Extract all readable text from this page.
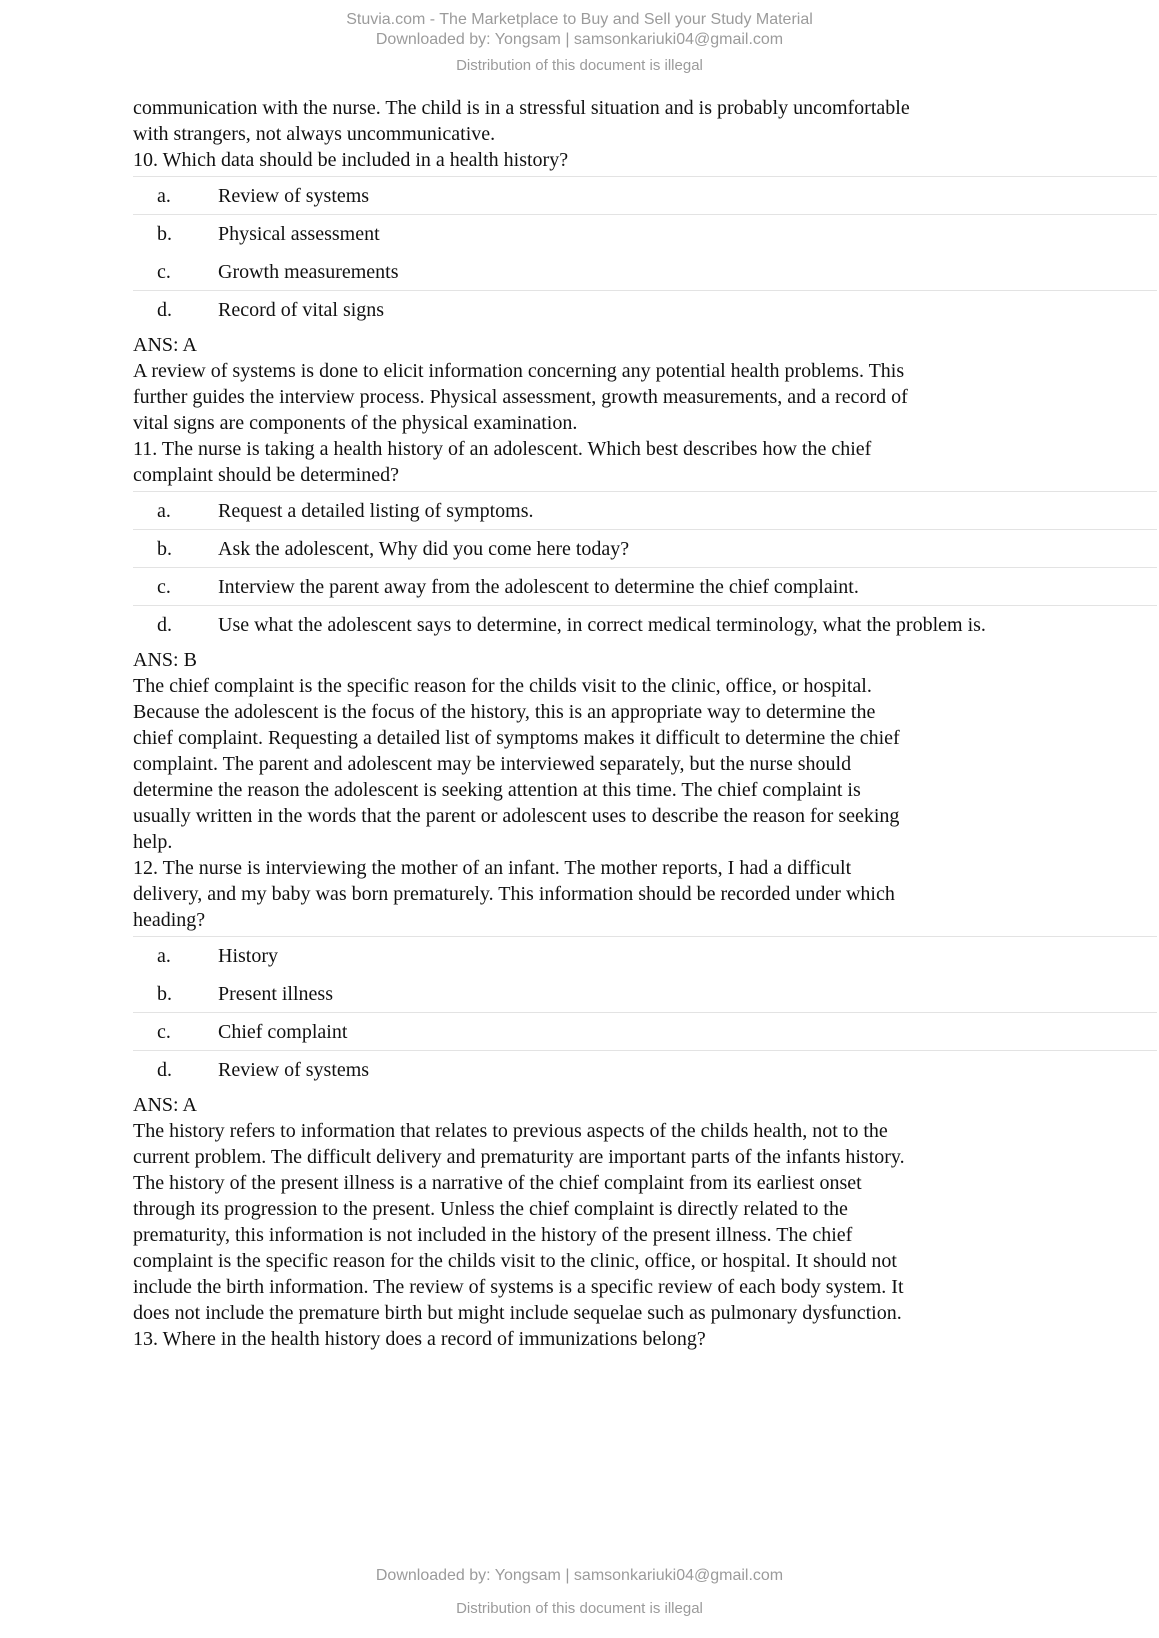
Stuvia.com - The Marketplace to Buy and Sell your Study Material
Downloaded by: Yongsam | samsonkariuki04@gmail.com
Distribution of this document is illegal
communication with the nurse. The child is in a stressful situation and is probably uncomfortable
with strangers, not always uncommunicative.
10. Which data should be included in a health history?
a.	Review of systems
b.	Physical assessment
c.	Growth measurements
d.	Record of vital signs
ANS: A
A review of systems is done to elicit information concerning any potential health problems. This
further guides the interview process. Physical assessment, growth measurements, and a record of
vital signs are components of the physical examination.
11. The nurse is taking a health history of an adolescent. Which best describes how the chief
complaint should be determined?
a.	Request a detailed listing of symptoms.
b.	Ask the adolescent, Why did you come here today?
c.	Interview the parent away from the adolescent to determine the chief complaint.
d.	Use what the adolescent says to determine, in correct medical terminology, what the problem is.
ANS: B
The chief complaint is the specific reason for the childs visit to the clinic, office, or hospital.
Because the adolescent is the focus of the history, this is an appropriate way to determine the
chief complaint. Requesting a detailed list of symptoms makes it difficult to determine the chief
complaint. The parent and adolescent may be interviewed separately, but the nurse should
determine the reason the adolescent is seeking attention at this time. The chief complaint is
usually written in the words that the parent or adolescent uses to describe the reason for seeking
help.
12. The nurse is interviewing the mother of an infant. The mother reports, I had a difficult
delivery, and my baby was born prematurely. This information should be recorded under which
heading?
a.	History
b.	Present illness
c.	Chief complaint
d.	Review of systems
ANS: A
The history refers to information that relates to previous aspects of the childs health, not to the
current problem. The difficult delivery and prematurity are important parts of the infants history.
The history of the present illness is a narrative of the chief complaint from its earliest onset
through its progression to the present. Unless the chief complaint is directly related to the
prematurity, this information is not included in the history of the present illness. The chief
complaint is the specific reason for the childs visit to the clinic, office, or hospital. It should not
include the birth information. The review of systems is a specific review of each body system. It
does not include the premature birth but might include sequelae such as pulmonary dysfunction.
13. Where in the health history does a record of immunizations belong?
Downloaded by: Yongsam | samsonkariuki04@gmail.com
Distribution of this document is illegal
